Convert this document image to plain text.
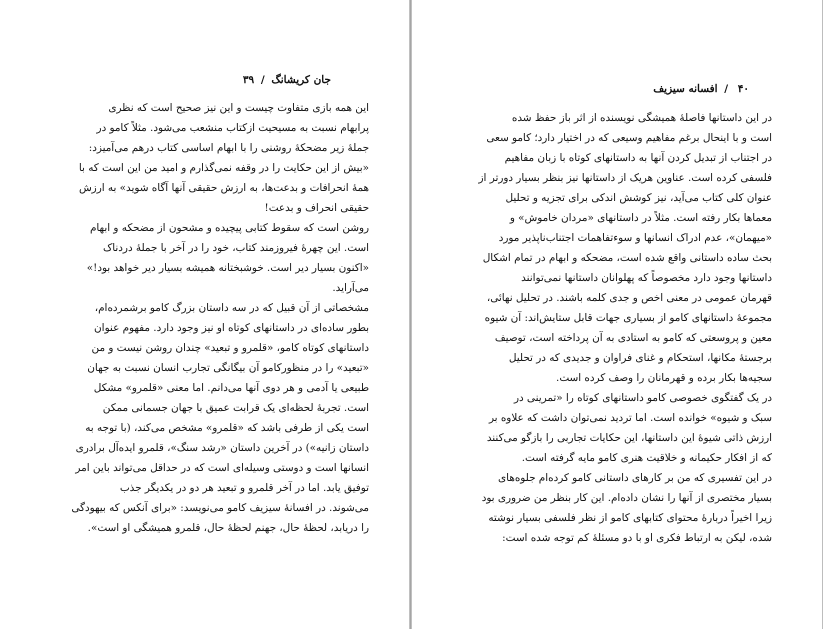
جان کریشانگ / ۳۹
این همه بازی متفاوت چیست و این نیز صحیح است که نظری
پرابهام نسبت به مسیحیت ازکتاب منشعب می‌شود. مثلاً کامو در
جملهٔ زیر مضحکهٔ روشنی را با ابهام اساسی کتاب درهم می‌آمیزد:
«بیش از این حکایت را در وقفه نمی‌گذارم و امید من این است که با
همهٔ انحرافات و بدعت‌ها، به ارزش حقیقی آنها آگاه شوید» به ارزش
حقیقی انحراف و بدعت!
روشن است که سقوط کتابی پیچیده و مشحون از مضحکه و ابهام
است. این چهرهٔ فیروزمند کتاب، خود را در آخر با جملهٔ دردناک
«اکنون بسیار دیر است. خوشبختانه همیشه بسیار دیر خواهد بود!»
می‌آراید.
مشخصاتی از آن قبیل که در سه داستان بزرگ کامو برشمرده‌ام،
بطور ساده‌ای در داستانهای کوتاه او نیز وجود دارد. مفهوم عنوان
داستانهای کوتاه کامو، «قلمرو و تبعید» چندان روشن نیست و من
«تبعید» را در منظورکامو آن بیگانگی تجارب انسان نسبت به جهان
طبیعی یا آدمی و هر دوی آنها می‌دانم. اما معنی «قلمرو» مشکل
است. تجربهٔ لحظه‌ای یک قرابت عمیق با جهان جسمانی ممکن
است یکی از طرفی باشد که «قلمرو» مشخص می‌کند، (با توجه به
داستان زانیه») در آخرین داستان «رشد سنگ»، قلمرو ایده‌آل برادری
انسانها است و دوستی وسیله‌ای است که در حداقل می‌تواند باین امر
توفیق یابد. اما در آخر قلمرو و تبعید هر دو در یکدیگر جذب
می‌شوند. در افسانهٔ سیزیف کامو می‌نویسد: «برای آنکس که بیهودگی
را دریابد، لحظهٔ حال، جهنم لحظهٔ حال، قلمرو همیشگی او است».
۴۰ / افسانه سیزیف
در این داستانها فاصلهٔ همیشگی نویسنده از اثر باز حفظ شده
است و با اینحال برغم مفاهیم وسیعی که در اختیار دارد؛ کامو سعی
در اجتناب از تبدیل کردن آنها به داستانهای کوتاه با زبان مفاهیم
فلسفی کرده است. عناوین هریک از داستانها نیز بنظر بسیار دورتر از
عنوان کلی کتاب می‌آید، نیز کوشش اندکی برای تجزیه و تحلیل
معماها بکار رفته است. مثلاً در داستانهای «مردان خاموش» و
«میهمان»، عدم ادراک انسانها و سوءتفاهمات اجتناب‌ناپذیر مورد
بحث ساده داستانی واقع شده است، مضحکه و ابهام در تمام اشکال
داستانها وجود دارد مخصوصاً که پهلوانان داستانها نمی‌توانند
قهرمان عمومی در معنی اخص و جدی کلمه باشند. در تحلیل نهائی،
مجموعهٔ داستانهای کامو از بسیاری جهات قابل ستایش‌اند: آن شیوه
معین و پروسعتی که کامو به استادی به آن پرداخته است، توصیف
برجستهٔ مکانها، استحکام و غنای فراوان و جدیدی که در تحلیل
سجیه‌ها بکار برده و قهرمانان را وصف کرده است.
در یک گفتگوی خصوصی کامو داستانهای کوتاه را «تمرینی در
سبک و شیوه» خوانده است. اما تردید نمی‌توان داشت که علاوه بر
ارزش ذاتی شیوهٔ این داستانها، این حکایات تجاربی را بازگو می‌کنند
که از افکار حکیمانه و خلاقیت هنری کامو مایه گرفته است.
در این تفسیری که من بر کارهای داستانی کامو کرده‌ام جلوه‌های
بسیار مختصری از آنها را نشان داده‌ام. این کار بنظر من ضروری بود
زیرا اخیراً دربارهٔ محتوای کتابهای کامو از نظر فلسفی بسیار نوشته
شده، لیکن به ارتباط فکری او با دو مسئلهٔ کم توجه شده است:
